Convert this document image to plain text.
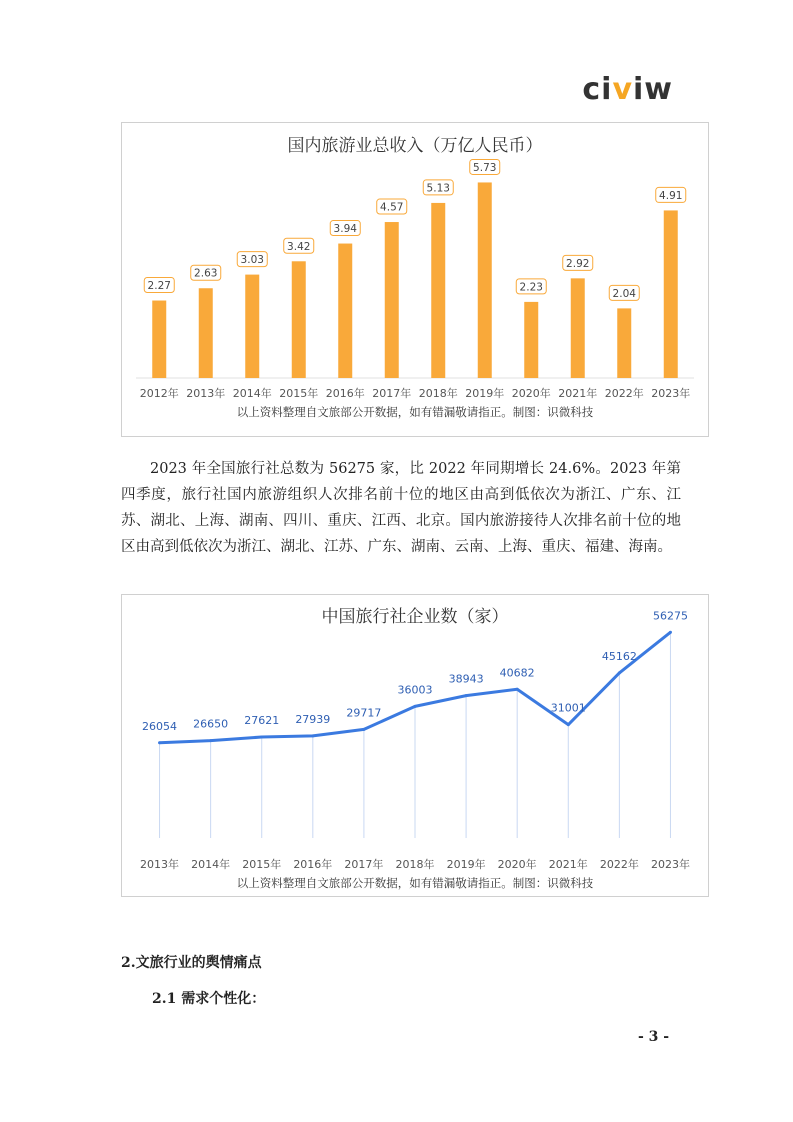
civiw
国内旅游业总收入（万亿人民币）
2.27
2012年
2.63
2013年
3.03
2014年
3.42
2015年
3.94
2016年
4.57
2017年
5.13
2018年
5.73
2019年
2.23
2020年
2.92
2021年
2.04
2022年
4.91
2023年
以上资料整理自文旅部公开数据，如有错漏敬请指正。制图：识微科技

2023 年全国旅行社总数为 56275 家，比 2022 年同期增长 24.6%。2023 年第四季度，旅行社国内旅游组织人次排名前十位的地区由高到低依次为浙江、广东、江苏、湖北、上海、湖南、四川、重庆、江西、北京。国内旅游接待人次排名前十位的地区由高到低依次为浙江、湖北、江苏、广东、湖南、云南、上海、重庆、福建、海南。

中国旅行社企业数（家）
26054
2013年
26650
2014年
27621
2015年
27939
2016年
29717
2017年
36003
2018年
38943
2019年
40682
2020年
31001
2021年
45162
2022年
56275
2023年
以上资料整理自文旅部公开数据，如有错漏敬请指正。制图：识微科技
2.文旅行业的舆情痛点
2.1 需求个性化：
- 3 -
